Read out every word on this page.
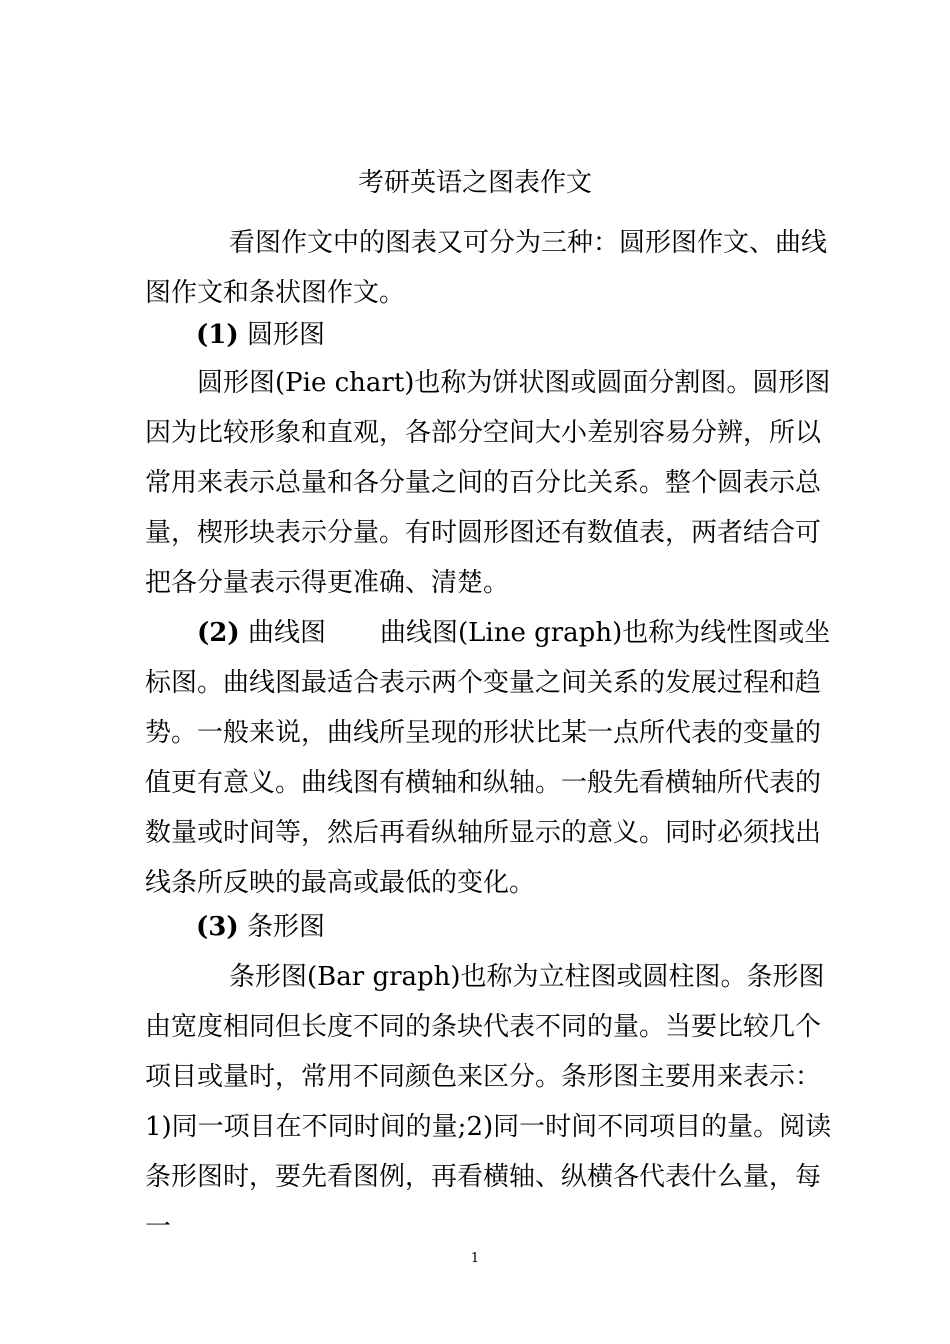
考研英语之图表作文
看图作文中的图表又可分为三种：圆形图作文、曲线图作文和条状图作文。
(1) 圆形图
圆形图(Pie chart)也称为饼状图或圆面分割图。圆形图因为比较形象和直观，各部分空间大小差别容易分辨，所以常用来表示总量和各分量之间的百分比关系。整个圆表示总量，楔形块表示分量。有时圆形图还有数值表，两者结合可把各分量表示得更准确、清楚。
(2) 曲线图 曲线图(Line graph)也称为线性图或坐标图。曲线图最适合表示两个变量之间关系的发展过程和趋势。一般来说，曲线所呈现的形状比某一点所代表的变量的值更有意义。曲线图有横轴和纵轴。一般先看横轴所代表的数量或时间等，然后再看纵轴所显示的意义。同时必须找出线条所反映的最高或最低的变化。
(3) 条形图
条形图(Bar graph)也称为立柱图或圆柱图。条形图由宽度相同但长度不同的条块代表不同的量。当要比较几个项目或量时，常用不同颜色来区分。条形图主要用来表示：1)同一项目在不同时间的量;2)同一时间不同项目的量。阅读条形图时，要先看图例，再看横轴、纵横各代表什么量，每一
1
